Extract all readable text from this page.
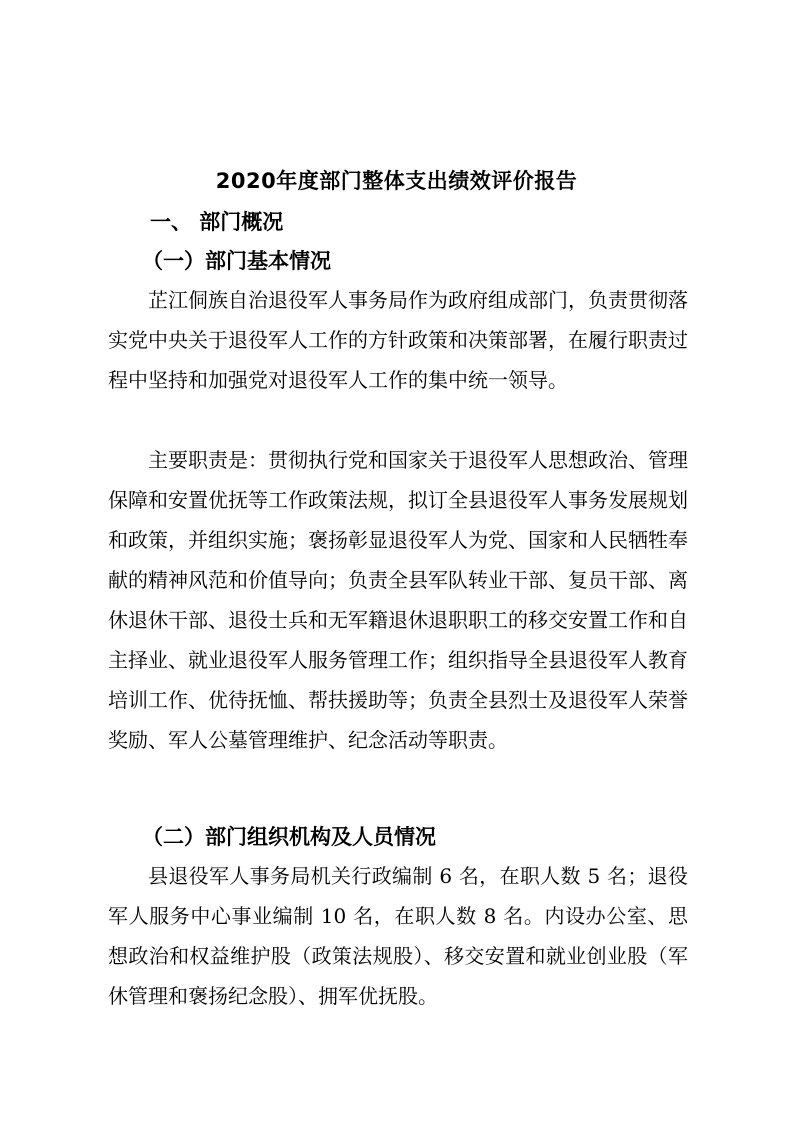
2020年度部门整体支出绩效评价报告
一、 部门概况
（一）部门基本情况
芷江侗族自治退役军人事务局作为政府组成部门，负责贯彻落实党中央关于退役军人工作的方针政策和决策部署，在履行职责过程中坚持和加强党对退役军人工作的集中统一领导。
主要职责是：贯彻执行党和国家关于退役军人思想政治、管理保障和安置优抚等工作政策法规，拟订全县退役军人事务发展规划和政策，并组织实施；褒扬彰显退役军人为党、国家和人民牺牲奉献的精神风范和价值导向；负责全县军队转业干部、复员干部、离休退休干部、退役士兵和无军籍退休退职职工的移交安置工作和自主择业、就业退役军人服务管理工作；组织指导全县退役军人教育培训工作、优待抚恤、帮扶援助等；负责全县烈士及退役军人荣誉奖励、军人公墓管理维护、纪念活动等职责。
（二）部门组织机构及人员情况
县退役军人事务局机关行政编制 6 名，在职人数 5 名；退役军人服务中心事业编制 10 名，在职人数 8 名。内设办公室、思想政治和权益维护股（政策法规股）、移交安置和就业创业股（军休管理和褒扬纪念股）、拥军优抚股。
